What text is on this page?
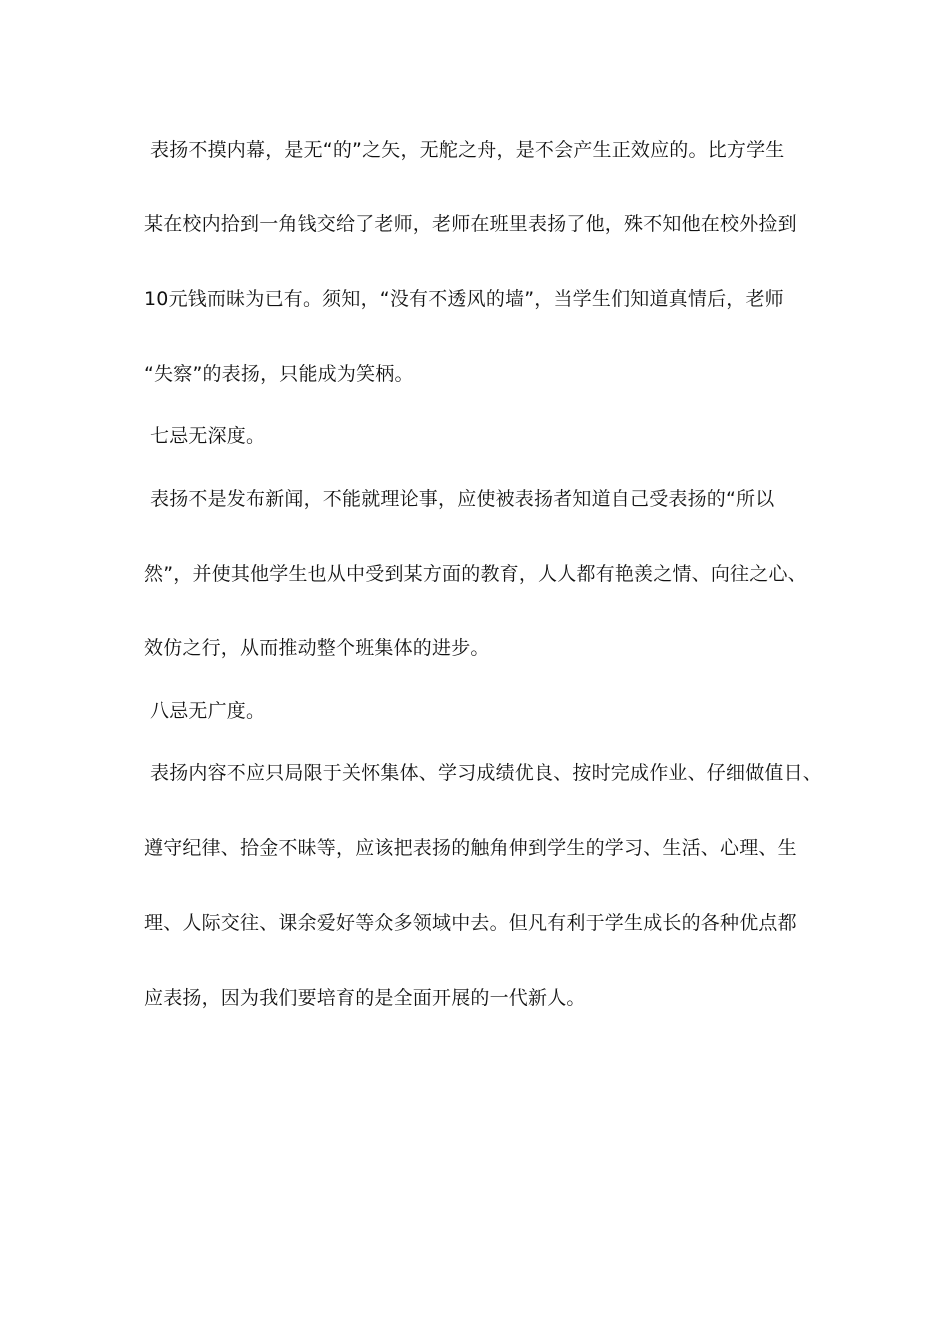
表扬不摸内幕，是无“的”之矢，无舵之舟，是不会产生正效应的。比方学生
某在校内拾到一角钱交给了老师，老师在班里表扬了他，殊不知他在校外捡到
10元钱而昧为已有。须知，“没有不透风的墙”，当学生们知道真情后，老师
“失察”的表扬，只能成为笑柄。
七忌无深度。
表扬不是发布新闻，不能就理论事，应使被表扬者知道自己受表扬的“所以
然”，并使其他学生也从中受到某方面的教育，人人都有艳羡之情、向往之心、
效仿之行，从而推动整个班集体的进步。
八忌无广度。
表扬内容不应只局限于关怀集体、学习成绩优良、按时完成作业、仔细做值日、
遵守纪律、拾金不昧等，应该把表扬的触角伸到学生的学习、生活、心理、生
理、人际交往、课余爱好等众多领域中去。但凡有利于学生成长的各种优点都
应表扬，因为我们要培育的是全面开展的一代新人。
